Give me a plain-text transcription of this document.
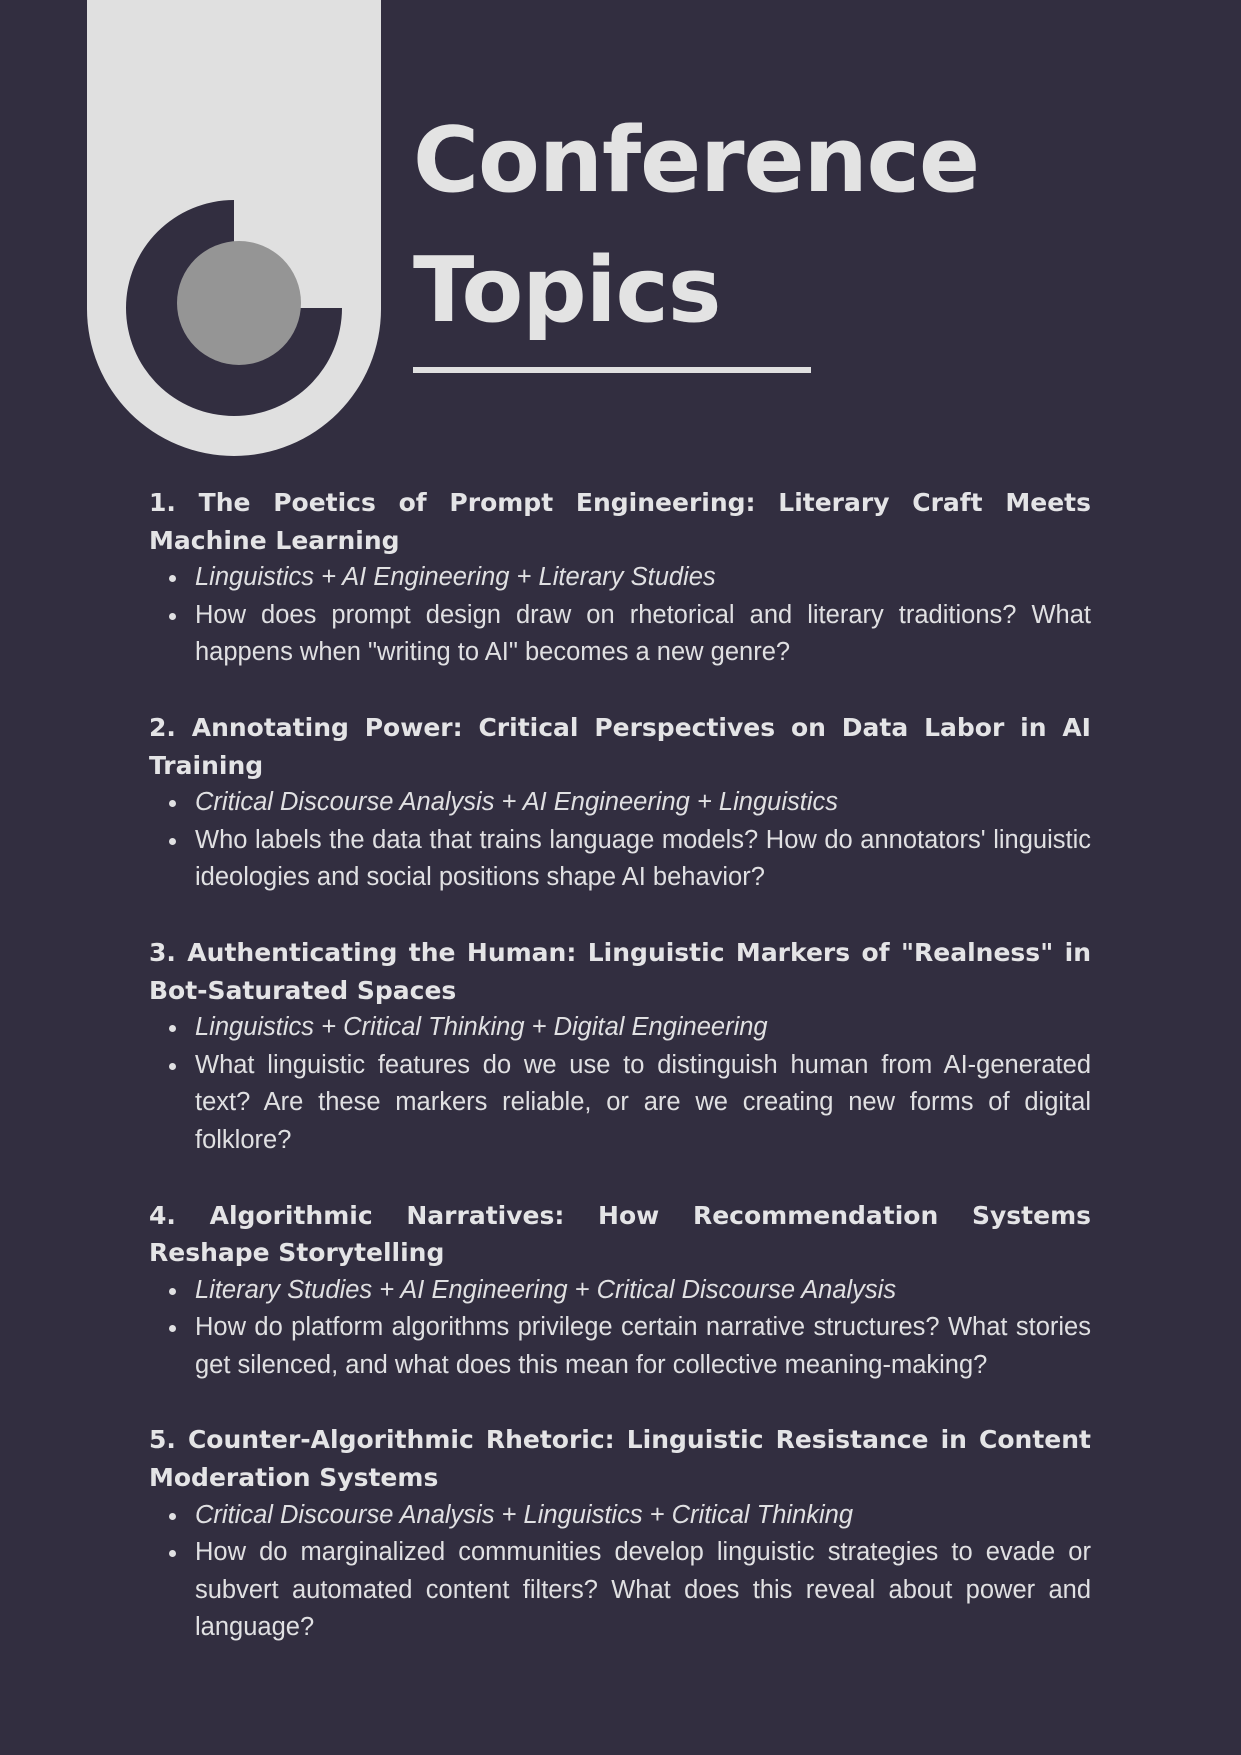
Conference
Topics
1. The Poetics of Prompt Engineering: Literary Craft Meets Machine Learning
Linguistics + AI Engineering + Literary Studies
How does prompt design draw on rhetorical and literary traditions? What happens when "writing to AI" becomes a new genre?
2. Annotating Power: Critical Perspectives on Data Labor in AI Training
Critical Discourse Analysis + AI Engineering + Linguistics
Who labels the data that trains language models? How do annotators' linguistic ideologies and social positions shape AI behavior?
3. Authenticating the Human: Linguistic Markers of "Realness" in Bot-Saturated Spaces
Linguistics + Critical Thinking + Digital Engineering
What linguistic features do we use to distinguish human from AI-generated text? Are these markers reliable, or are we creating new forms of digital folklore?
4. Algorithmic Narratives: How Recommendation Systems Reshape Storytelling
Literary Studies + AI Engineering + Critical Discourse Analysis
How do platform algorithms privilege certain narrative structures? What stories get silenced, and what does this mean for collective meaning-making?
5. Counter-Algorithmic Rhetoric: Linguistic Resistance in Content Moderation Systems
Critical Discourse Analysis + Linguistics + Critical Thinking
How do marginalized communities develop linguistic strategies to evade or subvert automated content filters? What does this reveal about power and language?
